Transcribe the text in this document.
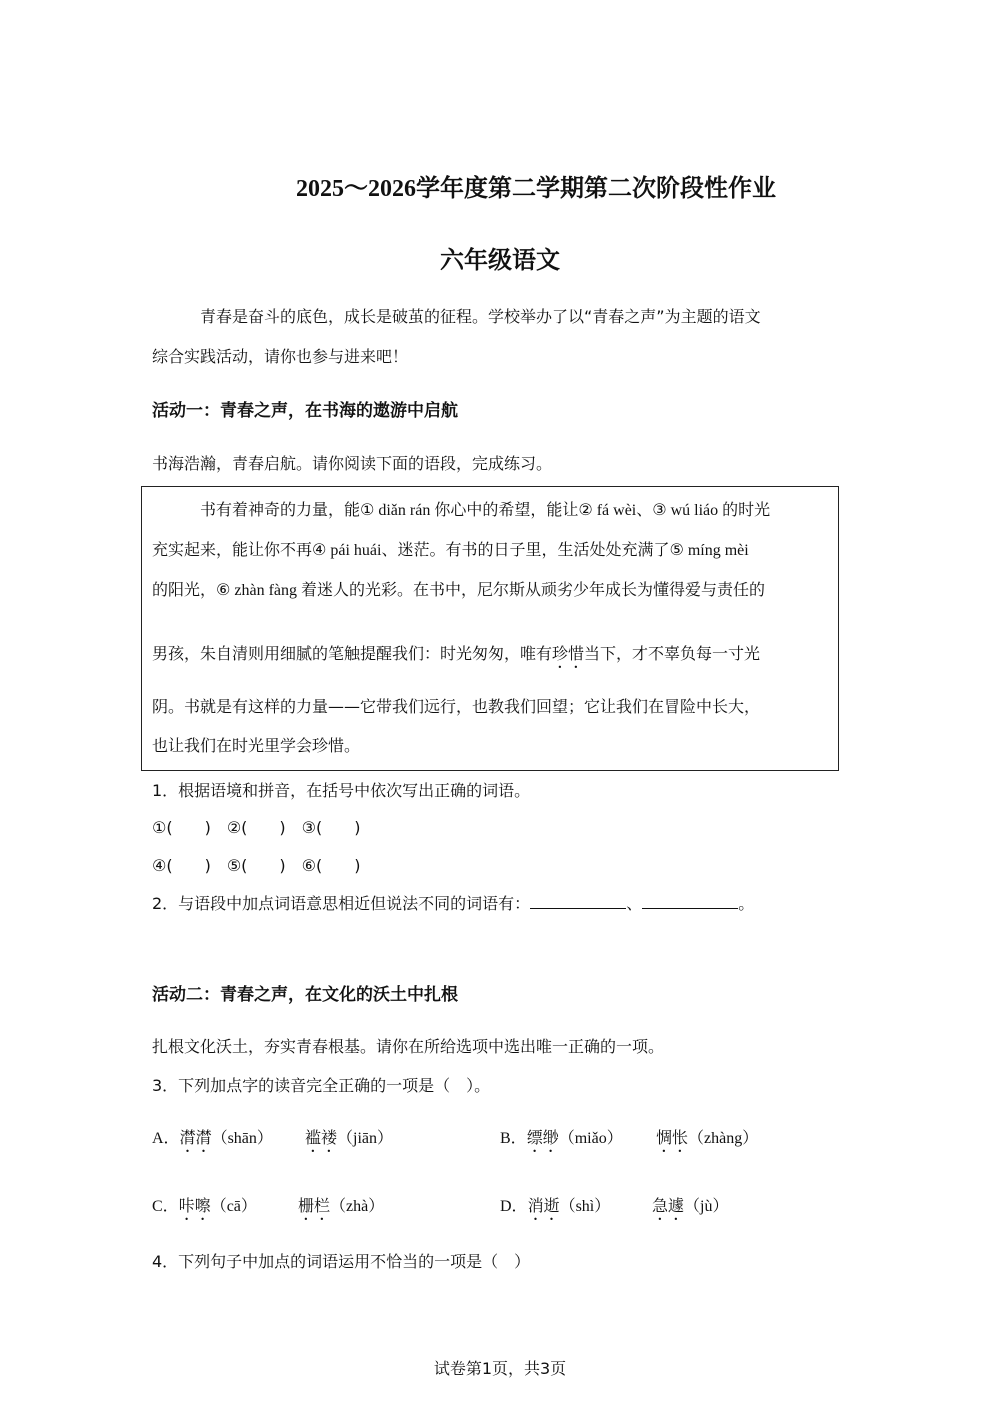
2025～2026学年度第二学期第二次阶段性作业
六年级语文
青春是奋斗的底色，成长是破茧的征程。学校举办了以“青春之声”为主题的语文
综合实践活动，请你也参与进来吧！
活动一：青春之声，在书海的遨游中启航
书海浩瀚，青春启航。请你阅读下面的语段，完成练习。
书有着神奇的力量，能① diǎn rán 你心中的希望，能让② fá wèi、③ wú liáo 的时光
充实起来，能让你不再④ pái huái、迷茫。有书的日子里，生活处处充满了⑤ míng mèi
的阳光，⑥ zhàn fàng 着迷人的光彩。在书中，尼尔斯从顽劣少年成长为懂得爱与责任的
男孩，朱自清则用细腻的笔触提醒我们：时光匆匆，唯有珍惜当下，才不辜负每一寸光
阴。书就是有这样的力量——它带我们远行，也教我们回望；它让我们在冒险中长大，
也让我们在时光里学会珍惜。
1．根据语境和拼音，在括号中依次写出正确的词语。
①(　　)　②(　　)　③(　　)
④(　　)　⑤(　　)　⑥(　　)
2．与语段中加点词语意思相近但说法不同的词语有：	、	。
活动二：青春之声，在文化的沃土中扎根
扎根文化沃土，夯实青春根基。请你在所给选项中选出唯一正确的一项。
3．下列加点字的读音完全正确的一项是（　）。
A．潸潸（shān） 褴褛（jiān）	B．缥缈（miǎo） 惆怅（zhàng）
C．咔嚓（cā）	栅栏（zhà）	D．消逝（shì）	急遽（jù）
4．下列句子中加点的词语运用不恰当的一项是（　）
试卷第1页，共3页
